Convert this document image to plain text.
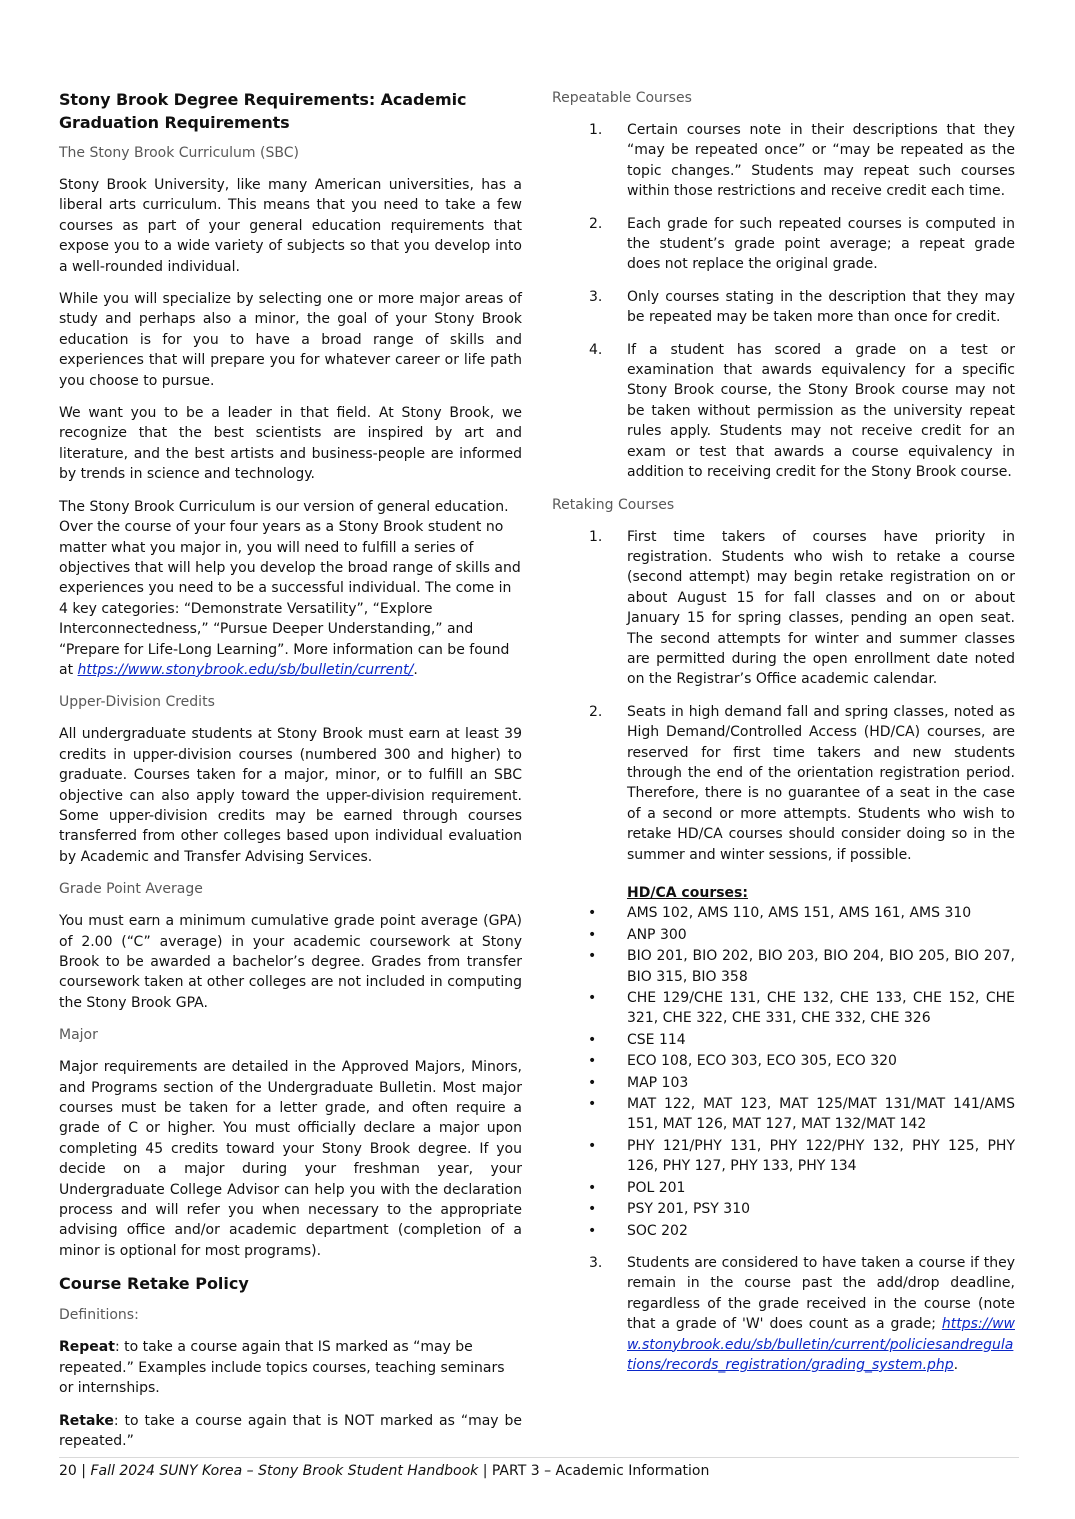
Stony Brook Degree Requirements: Academic Graduation Requirements
The Stony Brook Curriculum (SBC)

Stony Brook University, like many American universities, has a liberal arts curriculum. This means that you need to take a few courses as part of your general education requirements that expose you to a wide variety of subjects so that you develop into a well-rounded individual.

While you will specialize by selecting one or more major areas of study and perhaps also a minor, the goal of your Stony Brook education is for you to have a broad range of skills and experiences that will prepare you for whatever career or life path you choose to pursue.

We want you to be a leader in that field. At Stony Brook, we recognize that the best scientists are inspired by art and literature, and the best artists and business-people are informed by trends in science and technology.

The Stony Brook Curriculum is our version of general education. Over the course of your four years as a Stony Brook student no matter what you major in, you will need to fulfill a series of objectives that will help you develop the broad range of skills and experiences you need to be a successful individual. The come in 4 key categories: “Demonstrate Versatility”, “Explore Interconnectedness,” “Pursue Deeper Understanding,” and “Prepare for Life-Long Learning”. More information can be found at https://www.stonybrook.edu/sb/bulletin/current/.

Upper-Division Credits

All undergraduate students at Stony Brook must earn at least 39 credits in upper-division courses (numbered 300 and higher) to graduate. Courses taken for a major, minor, or to fulfill an SBC objective can also apply toward the upper-division requirement. Some upper-division credits may be earned through courses transferred from other colleges based upon individual evaluation by Academic and Transfer Advising Services.

Grade Point Average

You must earn a minimum cumulative grade point average (GPA) of 2.00 (“C” average) in your academic coursework at Stony Brook to be awarded a bachelor’s degree. Grades from transfer coursework taken at other colleges are not included in computing the Stony Brook GPA.

Major

Major requirements are detailed in the Approved Majors, Minors, and Programs section of the Undergraduate Bulletin. Most major courses must be taken for a letter grade, and often require a grade of C or higher. You must officially declare a major upon completing 45 credits toward your Stony Brook degree. If you decide on a major during your freshman year, your Undergraduate College Advisor can help you with the declaration process and will refer you when necessary to the appropriate advising office and/or academic department (completion of a minor is optional for most programs).

Course Retake Policy
Definitions:

Repeat: to take a course again that IS marked as “may be repeated.” Examples include topics courses, teaching seminars or internships.

Retake: to take a course again that is NOT marked as “may be repeated.”

Repeatable Courses
1. Certain courses note in their descriptions that they “may be repeated once” or “may be repeated as the topic changes.” Students may repeat such courses within those restrictions and receive credit each time.
2. Each grade for such repeated courses is computed in the student’s grade point average; a repeat grade does not replace the original grade.
3. Only courses stating in the description that they may be repeated may be taken more than once for credit.
4. If a student has scored a grade on a test or examination that awards equivalency for a specific Stony Brook course, the Stony Brook course may not be taken without permission as the university repeat rules apply. Students may not receive credit for an exam or test that awards a course equivalency in addition to receiving credit for the Stony Brook course.
Retaking Courses
1. First time takers of courses have priority in registration. Students who wish to retake a course (second attempt) may begin retake registration on or about August 15 for fall classes and on or about January 15 for spring classes, pending an open seat. The second attempts for winter and summer classes are permitted during the open enrollment date noted on the Registrar’s Office academic calendar.
2. Seats in high demand fall and spring classes, noted as High Demand/Controlled Access (HD/CA) courses, are reserved for first time takers and new students through the end of the orientation registration period. Therefore, there is no guarantee of a seat in the case of a second or more attempts. Students who wish to retake HD/CA courses should consider doing so in the summer and winter sessions, if possible.
HD/CA courses:
• AMS 102, AMS 110, AMS 151, AMS 161, AMS 310
• ANP 300
• BIO 201, BIO 202, BIO 203, BIO 204, BIO 205, BIO 207, BIO 315, BIO 358
• CHE 129/CHE 131, CHE 132, CHE 133, CHE 152, CHE 321, CHE 322, CHE 331, CHE 332, CHE 326
• CSE 114
• ECO 108, ECO 303, ECO 305, ECO 320
• MAP 103
• MAT 122, MAT 123, MAT 125/MAT 131/MAT 141/AMS 151, MAT 126, MAT 127, MAT 132/MAT 142
• PHY 121/PHY 131, PHY 122/PHY 132, PHY 125, PHY 126, PHY 127, PHY 133, PHY 134
• POL 201
• PSY 201, PSY 310
• SOC 202
3. Students are considered to have taken a course if they remain in the course past the add/drop deadline, regardless of the grade received in the course (note that a grade of 'W' does count as a grade; https://www.stonybrook.edu/sb/bulletin/current/policiesandregulations/records_registration/grading_system.php.
20 | Fall 2024 SUNY Korea – Stony Brook Student Handbook | PART 3 – Academic Information
